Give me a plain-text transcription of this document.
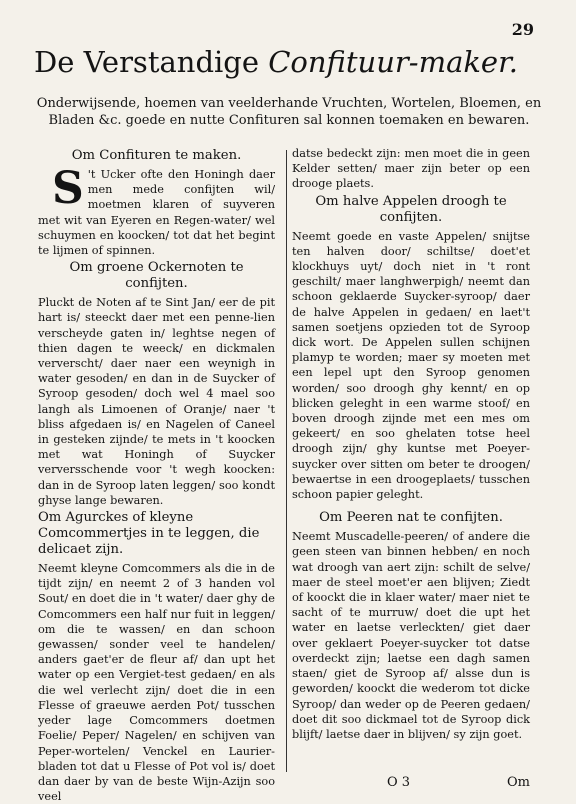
29
De Verstandige Confituur-maker.
Onderwijsende, hoemen van veelderhande Vruchten, Wortelen, Bloemen, en Bladen &c. goede en nutte Confituren sal konnen toemaken en bewaren.
Om Confituren te maken.

S 't Ucker ofte den Honingh daer men mede confijten wil/ moetmen klaren of suyveren met wit van Eyeren en Regen-water/ wel schuymen en koocken/ tot dat het begint te lijmen of spinnen.

Om groene Ockernoten te confijten.

Pluckt de Noten af te Sint Jan/ eer de pit hart is/ steeckt daer met een penne-lien verscheyde gaten in/ leghtse negen of thien dagen te weeck/ en dickmalen ververscht/ daer naer een weynigh in water gesoden/ en dan in de Suycker of Syroop gesoden/ doch wel 4 mael soo langh als Limoenen of Oranje/ naer 't bliss afgedaen is/ en Nagelen of Caneel in gesteken zijnde/ te mets in 't koocken met wat Honingh of Suycker verversschende voor 't wegh koocken: dan in de Syroop laten leggen/ soo kondt ghyse lange bewaren.

Om Agurckes of kleyne Comcommertjes in te leggen, die delicaet zijn.

Neemt kleyne Comcommers als die in de tijdt zijn/ en neemt 2 of 3 handen vol Sout/ en doet die in 't water/ daer ghy de Comcommers een half nur fuit in leggen/ om die te wassen/ en dan schoon gewassen/ sonder veel te handelen/ anders gaet'er de fleur af/ dan upt het water op een Vergiet-test gedaen/ en als die wel verlecht zijn/ doet die in een Flesse of graeuwe aerden Pot/ tusschen yeder lage Comcommers doetmen Foelie/ Peper/ Nagelen/ en schijven van Peper-wortelen/ Venckel en Laurier-bladen tot dat u Flesse of Pot vol is/ doet dan daer by van de beste Wijn-Azijn soo veel

datse bedeckt zijn: men moet die in geen Kelder setten/ maer zijn beter op een drooge plaets.

Om halve Appelen droogh te confijten.

Neemt goede en vaste Appelen/ snijtse ten halven door/ schiltse/ doet'et klockhuys uyt/ doch niet in 't ront geschilt/ maer langhwerpigh/ neemt dan schoon geklaerde Suycker-syroop/ daer de halve Appelen in gedaen/ en laet't samen soetjens opzieden tot de Syroop dick wort. De Appelen sullen schijnen plamyp te worden; maer sy moeten met een lepel upt den Syroop genomen worden/ soo droogh ghy kennt/ en op blicken geleght in een warme stoof/ en boven droogh zijnde met een mes om gekeert/ en soo ghelaten totse heel droogh zijn/ ghy kuntse met Poeyer-suycker over sitten om beter te droogen/ bewaertse in een droogeplaets/ tusschen schoon papier geleght.

Om Peeren nat te confijten.

Neemt Muscadelle-peeren/ of andere die geen steen van binnen hebben/ en noch wat droogh van aert zijn: schilt de selve/ maer de steel moet'er aen blijven; Ziedt of koockt die in klaer water/ maer niet te sacht of te murruw/ doet die upt het water en laetse verleckten/ giet daer over geklaert Poeyer-suycker tot datse overdeckt zijn; laetse een dagh samen staen/ giet de Syroop af/ alsse dun is geworden/ koockt die wederom tot dicke Syroop/ dan weder op de Peeren gedaen/ doet dit soo dickmael tot de Syroop dick blijft/ laetse daer in blijven/ sy zijn goet.

O 3	Om
